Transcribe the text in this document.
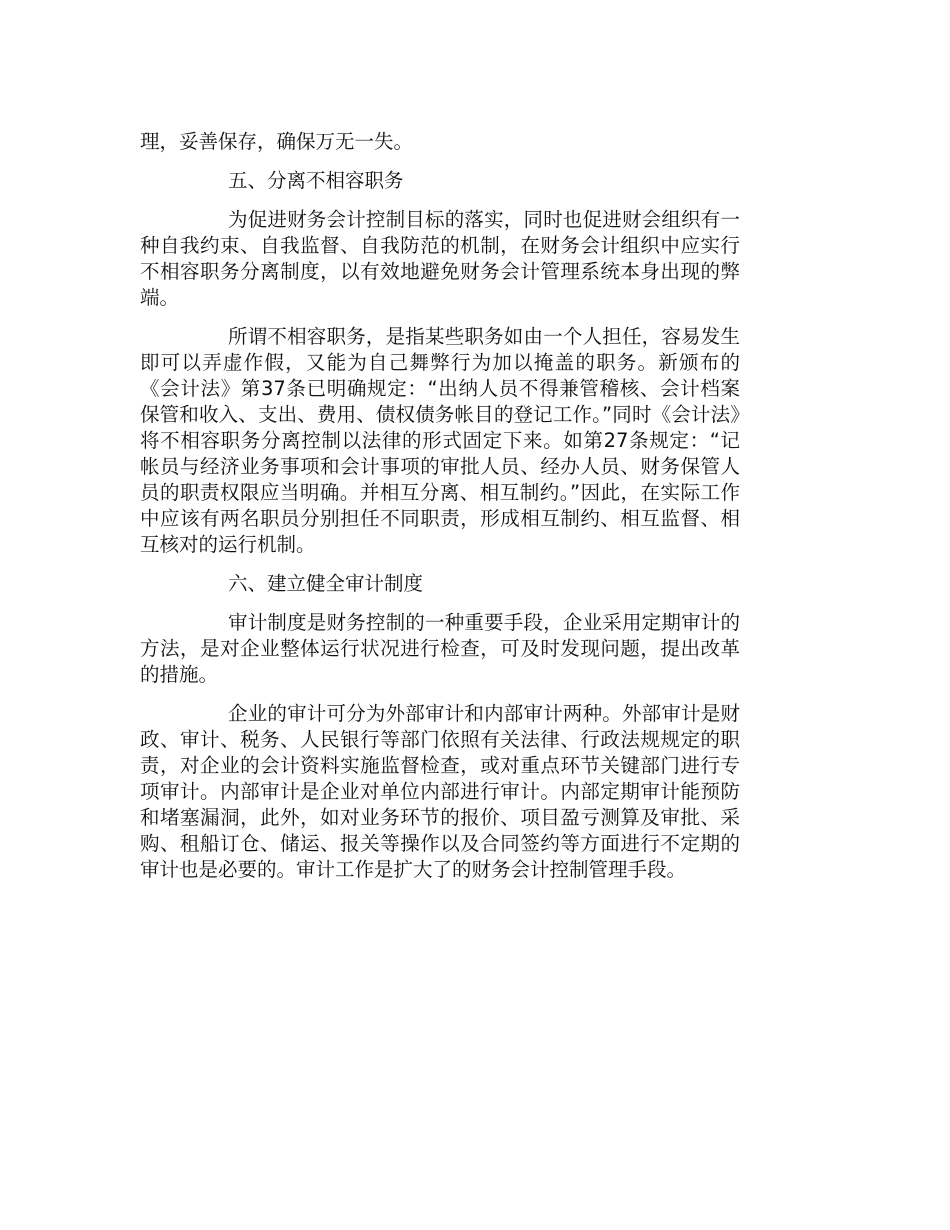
理，妥善保存，确保万无一失。

五、分离不相容职务

为促进财务会计控制目标的落实，同时也促进财会组织有一种自我约束、自我监督、自我防范的机制，在财务会计组织中应实行不相容职务分离制度，以有效地避免财务会计管理系统本身出现的弊端。

所谓不相容职务，是指某些职务如由一个人担任，容易发生即可以弄虚作假，又能为自己舞弊行为加以掩盖的职务。新颁布的《会计法》第37条已明确规定：“出纳人员不得兼管稽核、会计档案保管和收入、支出、费用、债权债务帐目的登记工作。”同时《会计法》将不相容职务分离控制以法律的形式固定下来。如第27条规定：“记帐员与经济业务事项和会计事项的审批人员、经办人员、财务保管人员的职责权限应当明确。并相互分离、相互制约。”因此，在实际工作中应该有两名职员分别担任不同职责，形成相互制约、相互监督、相互核对的运行机制。

六、建立健全审计制度

审计制度是财务控制的一种重要手段，企业采用定期审计的方法，是对企业整体运行状况进行检查，可及时发现问题，提出改革的措施。

企业的审计可分为外部审计和内部审计两种。外部审计是财政、审计、税务、人民银行等部门依照有关法律、行政法规规定的职责，对企业的会计资料实施监督检查，或对重点环节关键部门进行专项审计。内部审计是企业对单位内部进行审计。内部定期审计能预防和堵塞漏洞，此外，如对业务环节的报价、项目盈亏测算及审批、采购、租船订仓、储运、报关等操作以及合同签约等方面进行不定期的审计也是必要的。审计工作是扩大了的财务会计控制管理手段。
